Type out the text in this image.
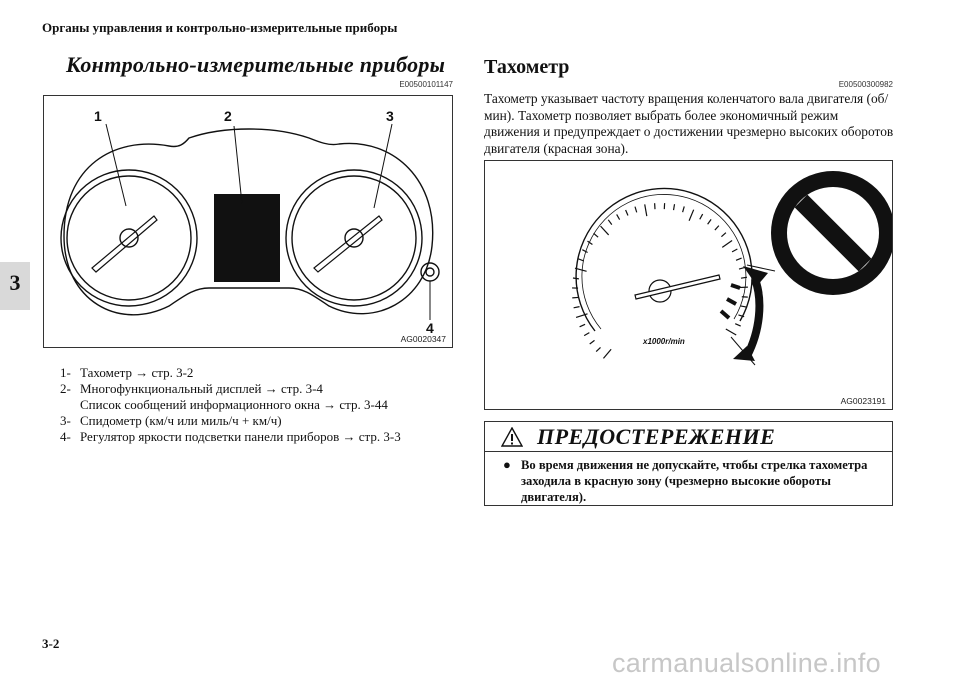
Органы управления и контрольно-измерительные приборы
3
Контрольно-измерительные приборы
E00500101147
1	2	3
4
AG0020347
1- Тахометр → стр. 3-2
2- Многофункциональный дисплей → стр. 3-4
Список сообщений информационного окна → стр. 3-44
3- Спидометр (км/ч или миль/ч + км/ч)
4- Регулятор яркости подсветки панели приборов → стр. 3-3
Тахометр
E00500300982
Тахометр указывает частоту вращения коленчатого вала двигателя (об/мин). Тахометр позволяет выбрать более экономичный режим движения и предупреждает о достижении чрезмерно высоких оборотов двигателя (красная зона).
x1000r/min
AG0023191
ПРЕДОСТЕРЕЖЕНИЕ
● Во время движения не допускайте, чтобы стрелка тахометра заходила в красную зону (чрезмерно высокие обороты двигателя).
3-2
carmanualsonline.info
